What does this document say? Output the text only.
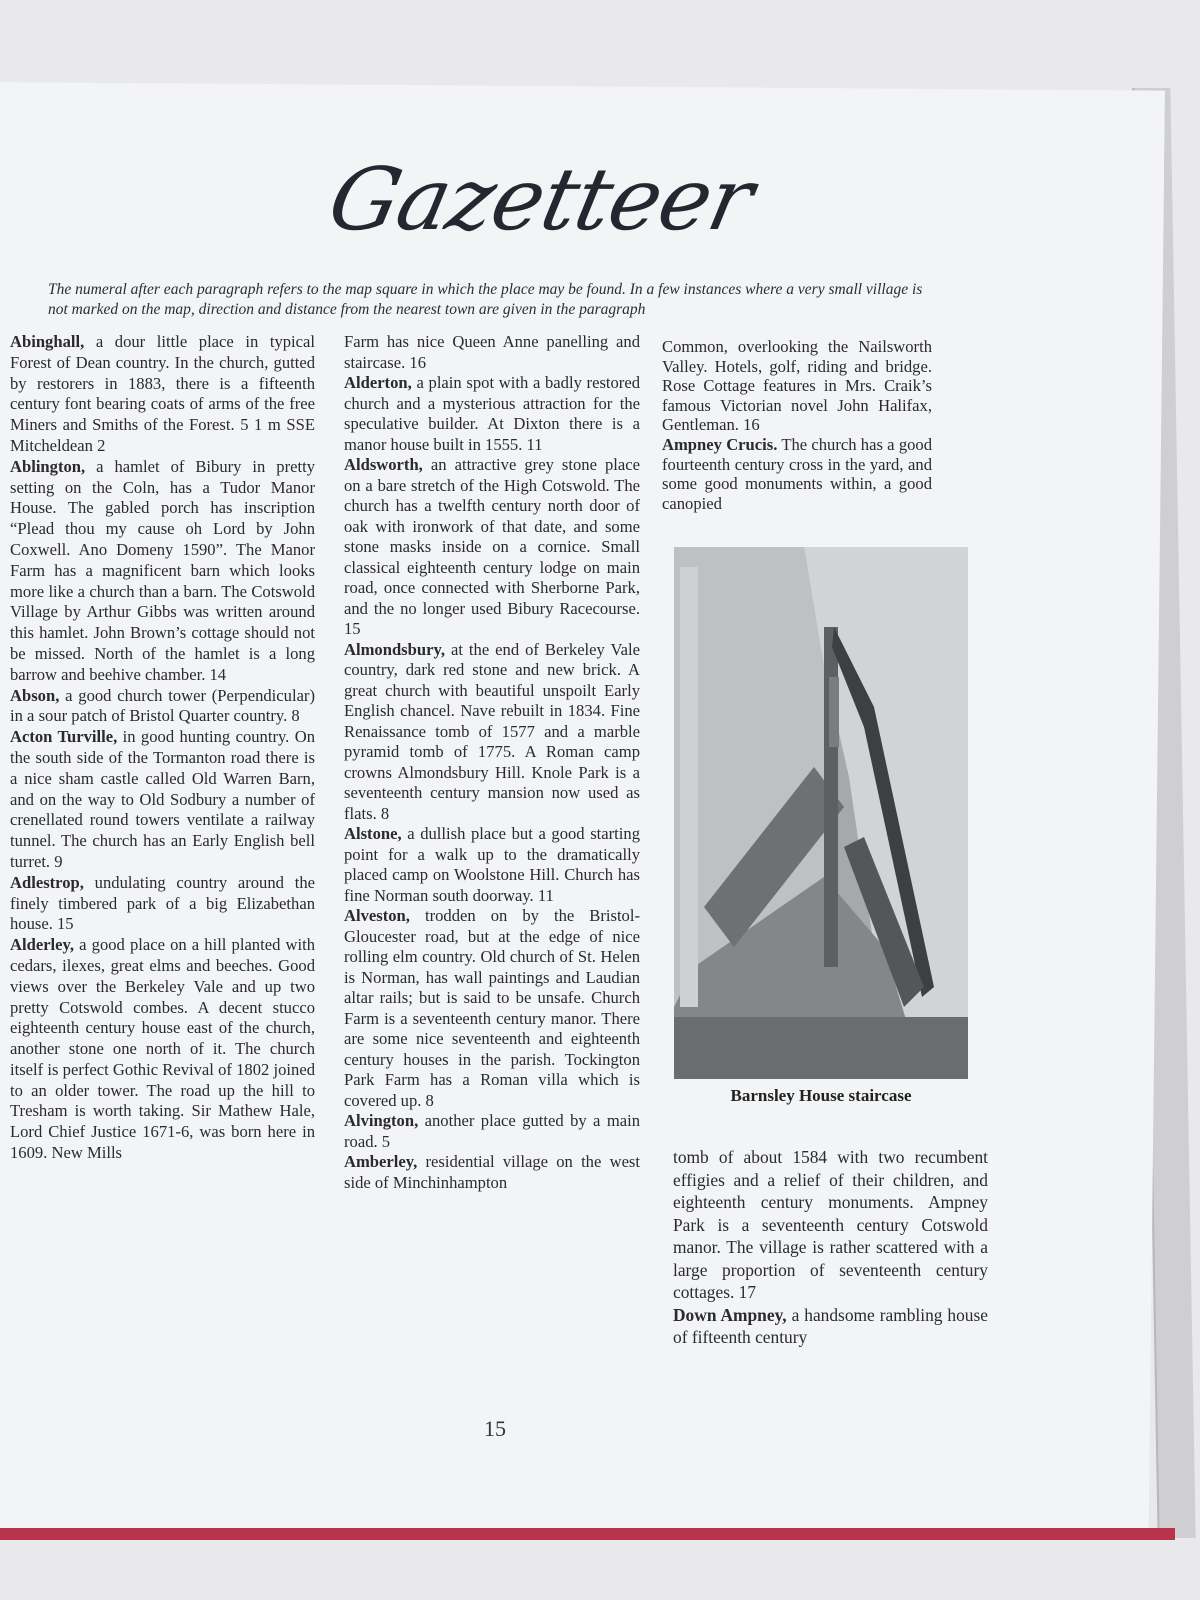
Gazetteer
The numeral after each paragraph refers to the map square in which the place may be found. In a few instances where a very small village is not marked on the map, direction and distance from the nearest town are given in the paragraph

Abinghall, a dour little place in typical Forest of Dean country. In the church, gutted by restorers in 1883, there is a fifteenth century font bearing coats of arms of the free Miners and Smiths of the Forest. 5 1 m SSE Mitcheldean 2

Ablington, a hamlet of Bibury in pretty setting on the Coln, has a Tudor Manor House. The gabled porch has inscription “Plead thou my cause oh Lord by John Coxwell. Ano Domeny 1590”. The Manor Farm has a magnificent barn which looks more like a church than a barn. The Cotswold Village by Arthur Gibbs was written around this hamlet. John Brown’s cottage should not be missed. North of the hamlet is a long barrow and beehive chamber. 14

Abson, a good church tower (Perpendicular) in a sour patch of Bristol Quarter country. 8

Acton Turville, in good hunting country. On the south side of the Tormanton road there is a nice sham castle called Old Warren Barn, and on the way to Old Sodbury a number of crenellated round towers ventilate a railway tunnel. The church has an Early English bell turret. 9

Adlestrop, undulating country around the finely timbered park of a big Elizabethan house. 15

Alderley, a good place on a hill planted with cedars, ilexes, great elms and beeches. Good views over the Berkeley Vale and up two pretty Cotswold combes. A decent stucco eighteenth century house east of the church, another stone one north of it. The church itself is perfect Gothic Revival of 1802 joined to an older tower. The road up the hill to Tresham is worth taking. Sir Mathew Hale, Lord Chief Justice 1671-6, was born here in 1609. New Mills

Farm has nice Queen Anne panelling and staircase. 16

Alderton, a plain spot with a badly restored church and a mysterious attraction for the speculative builder. At Dixton there is a manor house built in 1555. 11

Aldsworth, an attractive grey stone place on a bare stretch of the High Cotswold. The church has a twelfth century north door of oak with ironwork of that date, and some stone masks inside on a cornice. Small classical eighteenth century lodge on main road, once connected with Sherborne Park, and the no longer used Bibury Racecourse. 15

Almondsbury, at the end of Berkeley Vale country, dark red stone and new brick. A great church with beautiful unspoilt Early English chancel. Nave rebuilt in 1834. Fine Renaissance tomb of 1577 and a marble pyramid tomb of 1775. A Roman camp crowns Almondsbury Hill. Knole Park is a seventeenth century mansion now used as flats. 8

Alstone, a dullish place but a good starting point for a walk up to the dramatically placed camp on Woolstone Hill. Church has fine Norman south doorway. 11

Alveston, trodden on by the Bristol-Gloucester road, but at the edge of nice rolling elm country. Old church of St. Helen is Norman, has wall paintings and Laudian altar rails; but is said to be unsafe. Church Farm is a seventeenth century manor. There are some nice seventeenth and eighteenth century houses in the parish. Tockington Park Farm has a Roman villa which is covered up. 8

Alvington, another place gutted by a main road. 5

Amberley, residential village on the west side of Minchinhampton

Common, overlooking the Nailsworth Valley. Hotels, golf, riding and bridge. Rose Cottage features in Mrs. Craik’s famous Victorian novel John Halifax, Gentleman. 16

Ampney Crucis. The church has a good fourteenth century cross in the yard, and some good monuments within, a good canopied

tomb of about 1584 with two recumbent effigies and a relief of their children, and eighteenth century monuments. Ampney Park is a seventeenth century Cotswold manor. The village is rather scattered with a large proportion of seventeenth century cottages. 17

Down Ampney, a handsome rambling house of fifteenth century

Barnsley House staircase
15
